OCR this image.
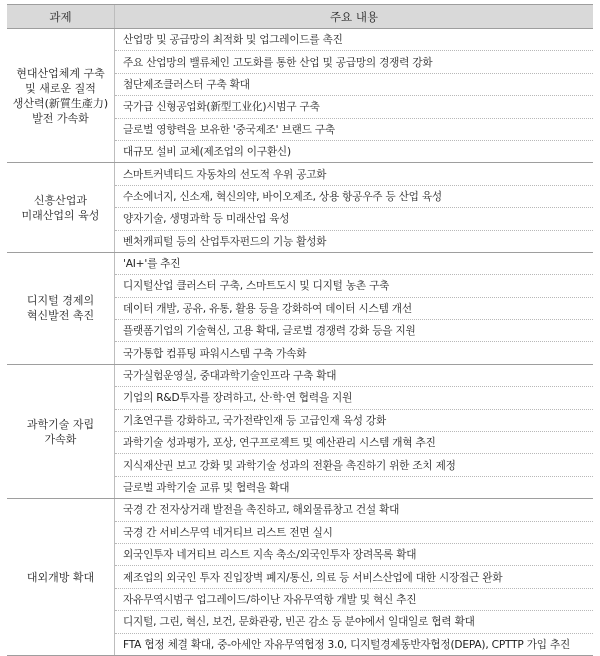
과제	주요 내용
현대산업체계 구축
및 새로운 질적
생산력(新質生產力)
발전 가속화
산업망 및 공급망의 최적화 및 업그레이드를 촉진
주요 산업망의 밸류체인 고도화를 통한 산업 및 공급망의 경쟁력 강화
첨단제조클러스터 구축 확대
국가급 신형공업화(新型工业化)시범구 구축
글로벌 영향력을 보유한 '중국제조' 브랜드 구축
대규모 설비 교체(제조업의 이구환신)
신흥산업과
미래산업의 육성
스마트커넥티드 자동차의 선도적 우위 공고화
수소에너지, 신소재, 혁신의약, 바이오제조, 상용 항공우주 등 산업 육성
양자기술, 생명과학 등 미래산업 육성
벤처캐피털 등의 산업투자펀드의 기능 활성화
디지털 경제의
혁신발전 촉진
'AI+'를 추진
디지털산업 클러스터 구축, 스마트도시 및 디지털 농촌 구축
데이터 개발, 공유, 유통, 활용 등을 강화하여 데이터 시스템 개선
플랫폼기업의 기술혁신, 고용 확대, 글로벌 경쟁력 강화 등을 지원
국가통합 컴퓨팅 파워시스템 구축 가속화
과학기술 자립
가속화
국가실험운영실, 중대과학기술인프라 구축 확대
기업의 R&D투자를 장려하고, 산·학·연 협력을 지원
기초연구를 강화하고, 국가전략인재 등 고급인재 육성 강화
과학기술 성과평가, 포상, 연구프로젝트 및 예산관리 시스템 개혁 추진
지식재산권 보고 강화 및 과학기술 성과의 전환을 촉진하기 위한 조치 제정
글로벌 과학기술 교류 및 협력을 확대
대외개방 확대
국경 간 전자상거래 발전을 촉진하고, 해외물류창고 건설 확대
국경 간 서비스무역 네거티브 리스트 전면 실시
외국인투자 네거티브 리스트 지속 축소/외국인투자 장려목록 확대
제조업의 외국인 투자 진입장벽 폐지/통신, 의료 등 서비스산업에 대한 시장접근 완화
자유무역시범구 업그레이드/하이난 자유무역항 개발 및 혁신 추진
디지털, 그린, 혁신, 보건, 문화관광, 빈곤 감소 등 분야에서 일대일로 협력 확대
FTA 협정 체결 확대, 중-아세안 자유무역협정 3.0, 디지털경제동반자협정(DEPA), CPTTP 가입 추진
